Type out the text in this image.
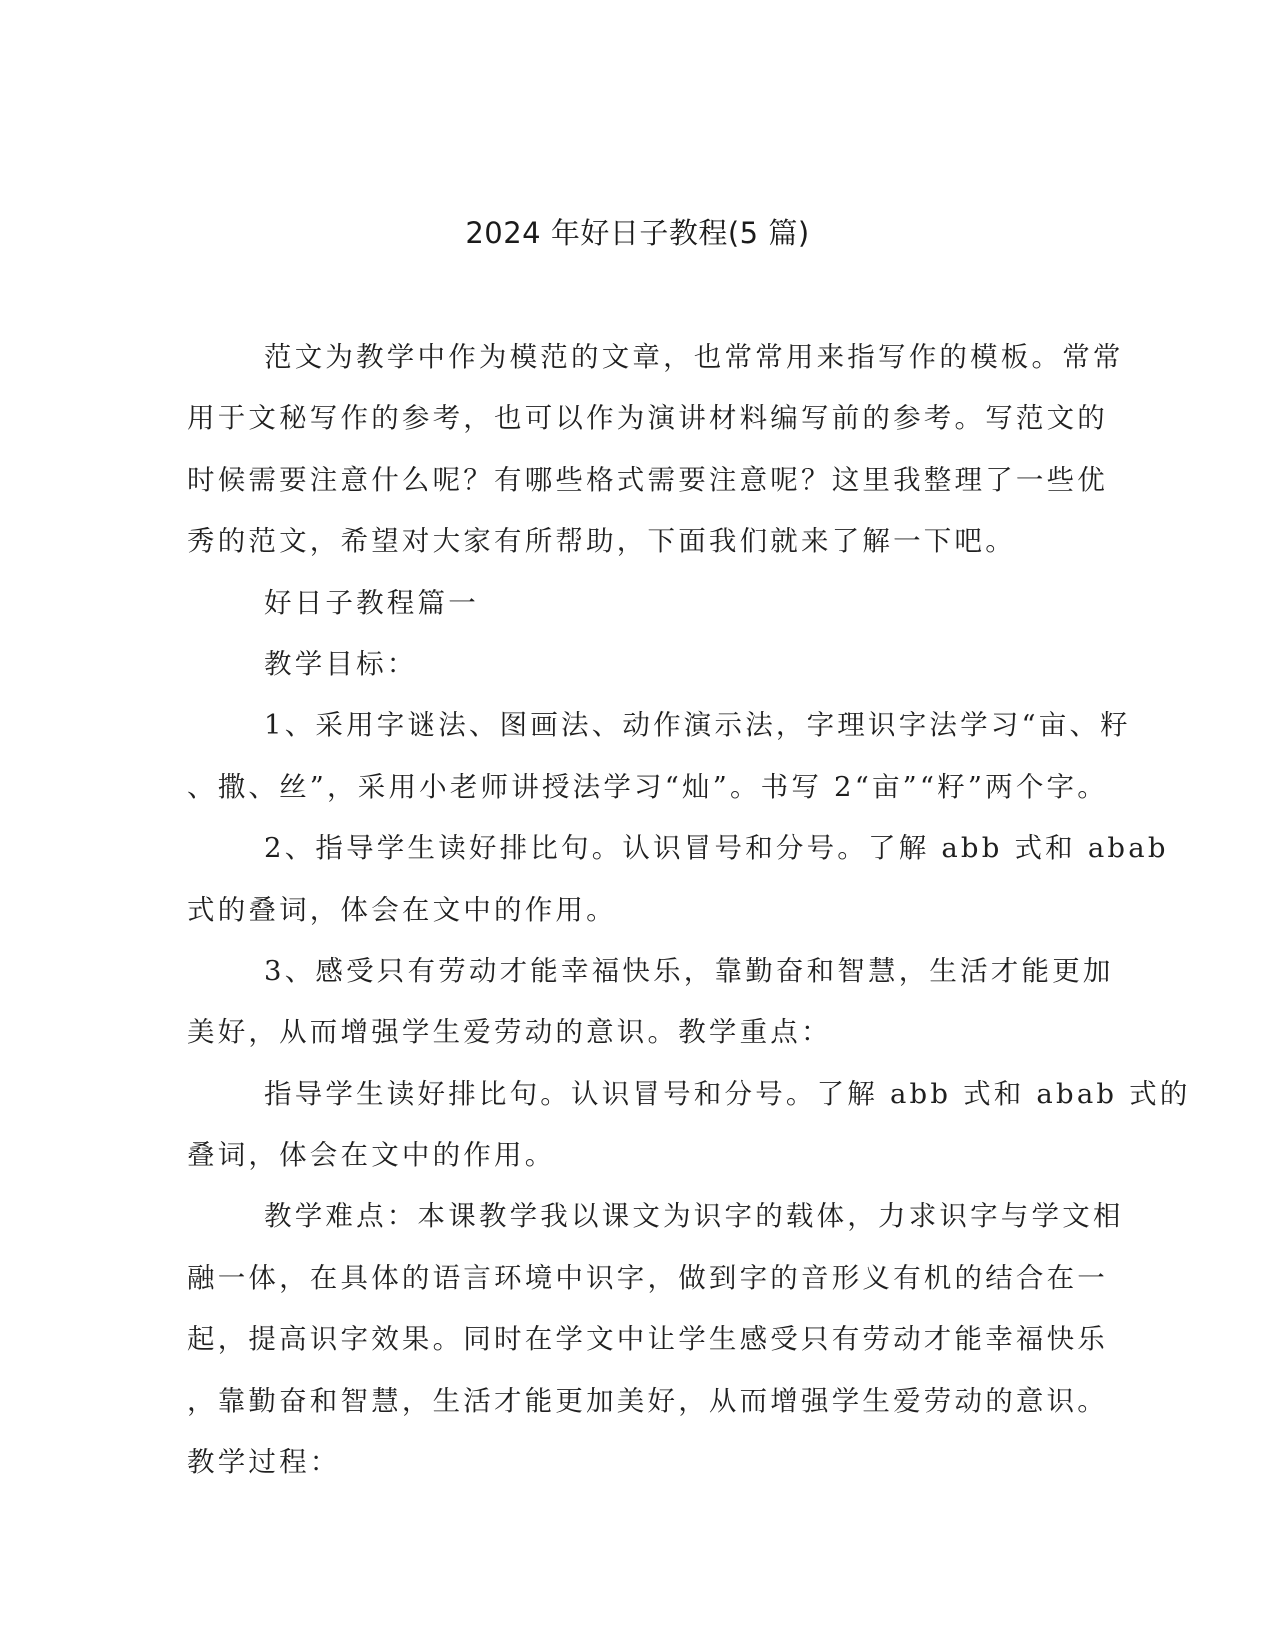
2024 年好日子教程(5 篇)
范文为教学中作为模范的文章，也常常用来指写作的模板。常常
用于文秘写作的参考，也可以作为演讲材料编写前的参考。写范文的
时候需要注意什么呢？有哪些格式需要注意呢？这里我整理了一些优
秀的范文，希望对大家有所帮助，下面我们就来了解一下吧。
好日子教程篇一
教学目标：
1、采用字谜法、图画法、动作演示法，字理识字法学习“亩、籽
、撒、丝”，采用小老师讲授法学习“灿”。书写 2“亩”“籽”两个字。
2、指导学生读好排比句。认识冒号和分号。了解 abb 式和 abab
式的叠词，体会在文中的作用。
3、感受只有劳动才能幸福快乐，靠勤奋和智慧，生活才能更加
美好，从而增强学生爱劳动的意识。教学重点：
指导学生读好排比句。认识冒号和分号。了解 abb 式和 abab 式的
叠词，体会在文中的作用。
教学难点：本课教学我以课文为识字的载体，力求识字与学文相
融一体，在具体的语言环境中识字，做到字的音形义有机的结合在一
起，提高识字效果。同时在学文中让学生感受只有劳动才能幸福快乐
，靠勤奋和智慧，生活才能更加美好，从而增强学生爱劳动的意识。
教学过程：
